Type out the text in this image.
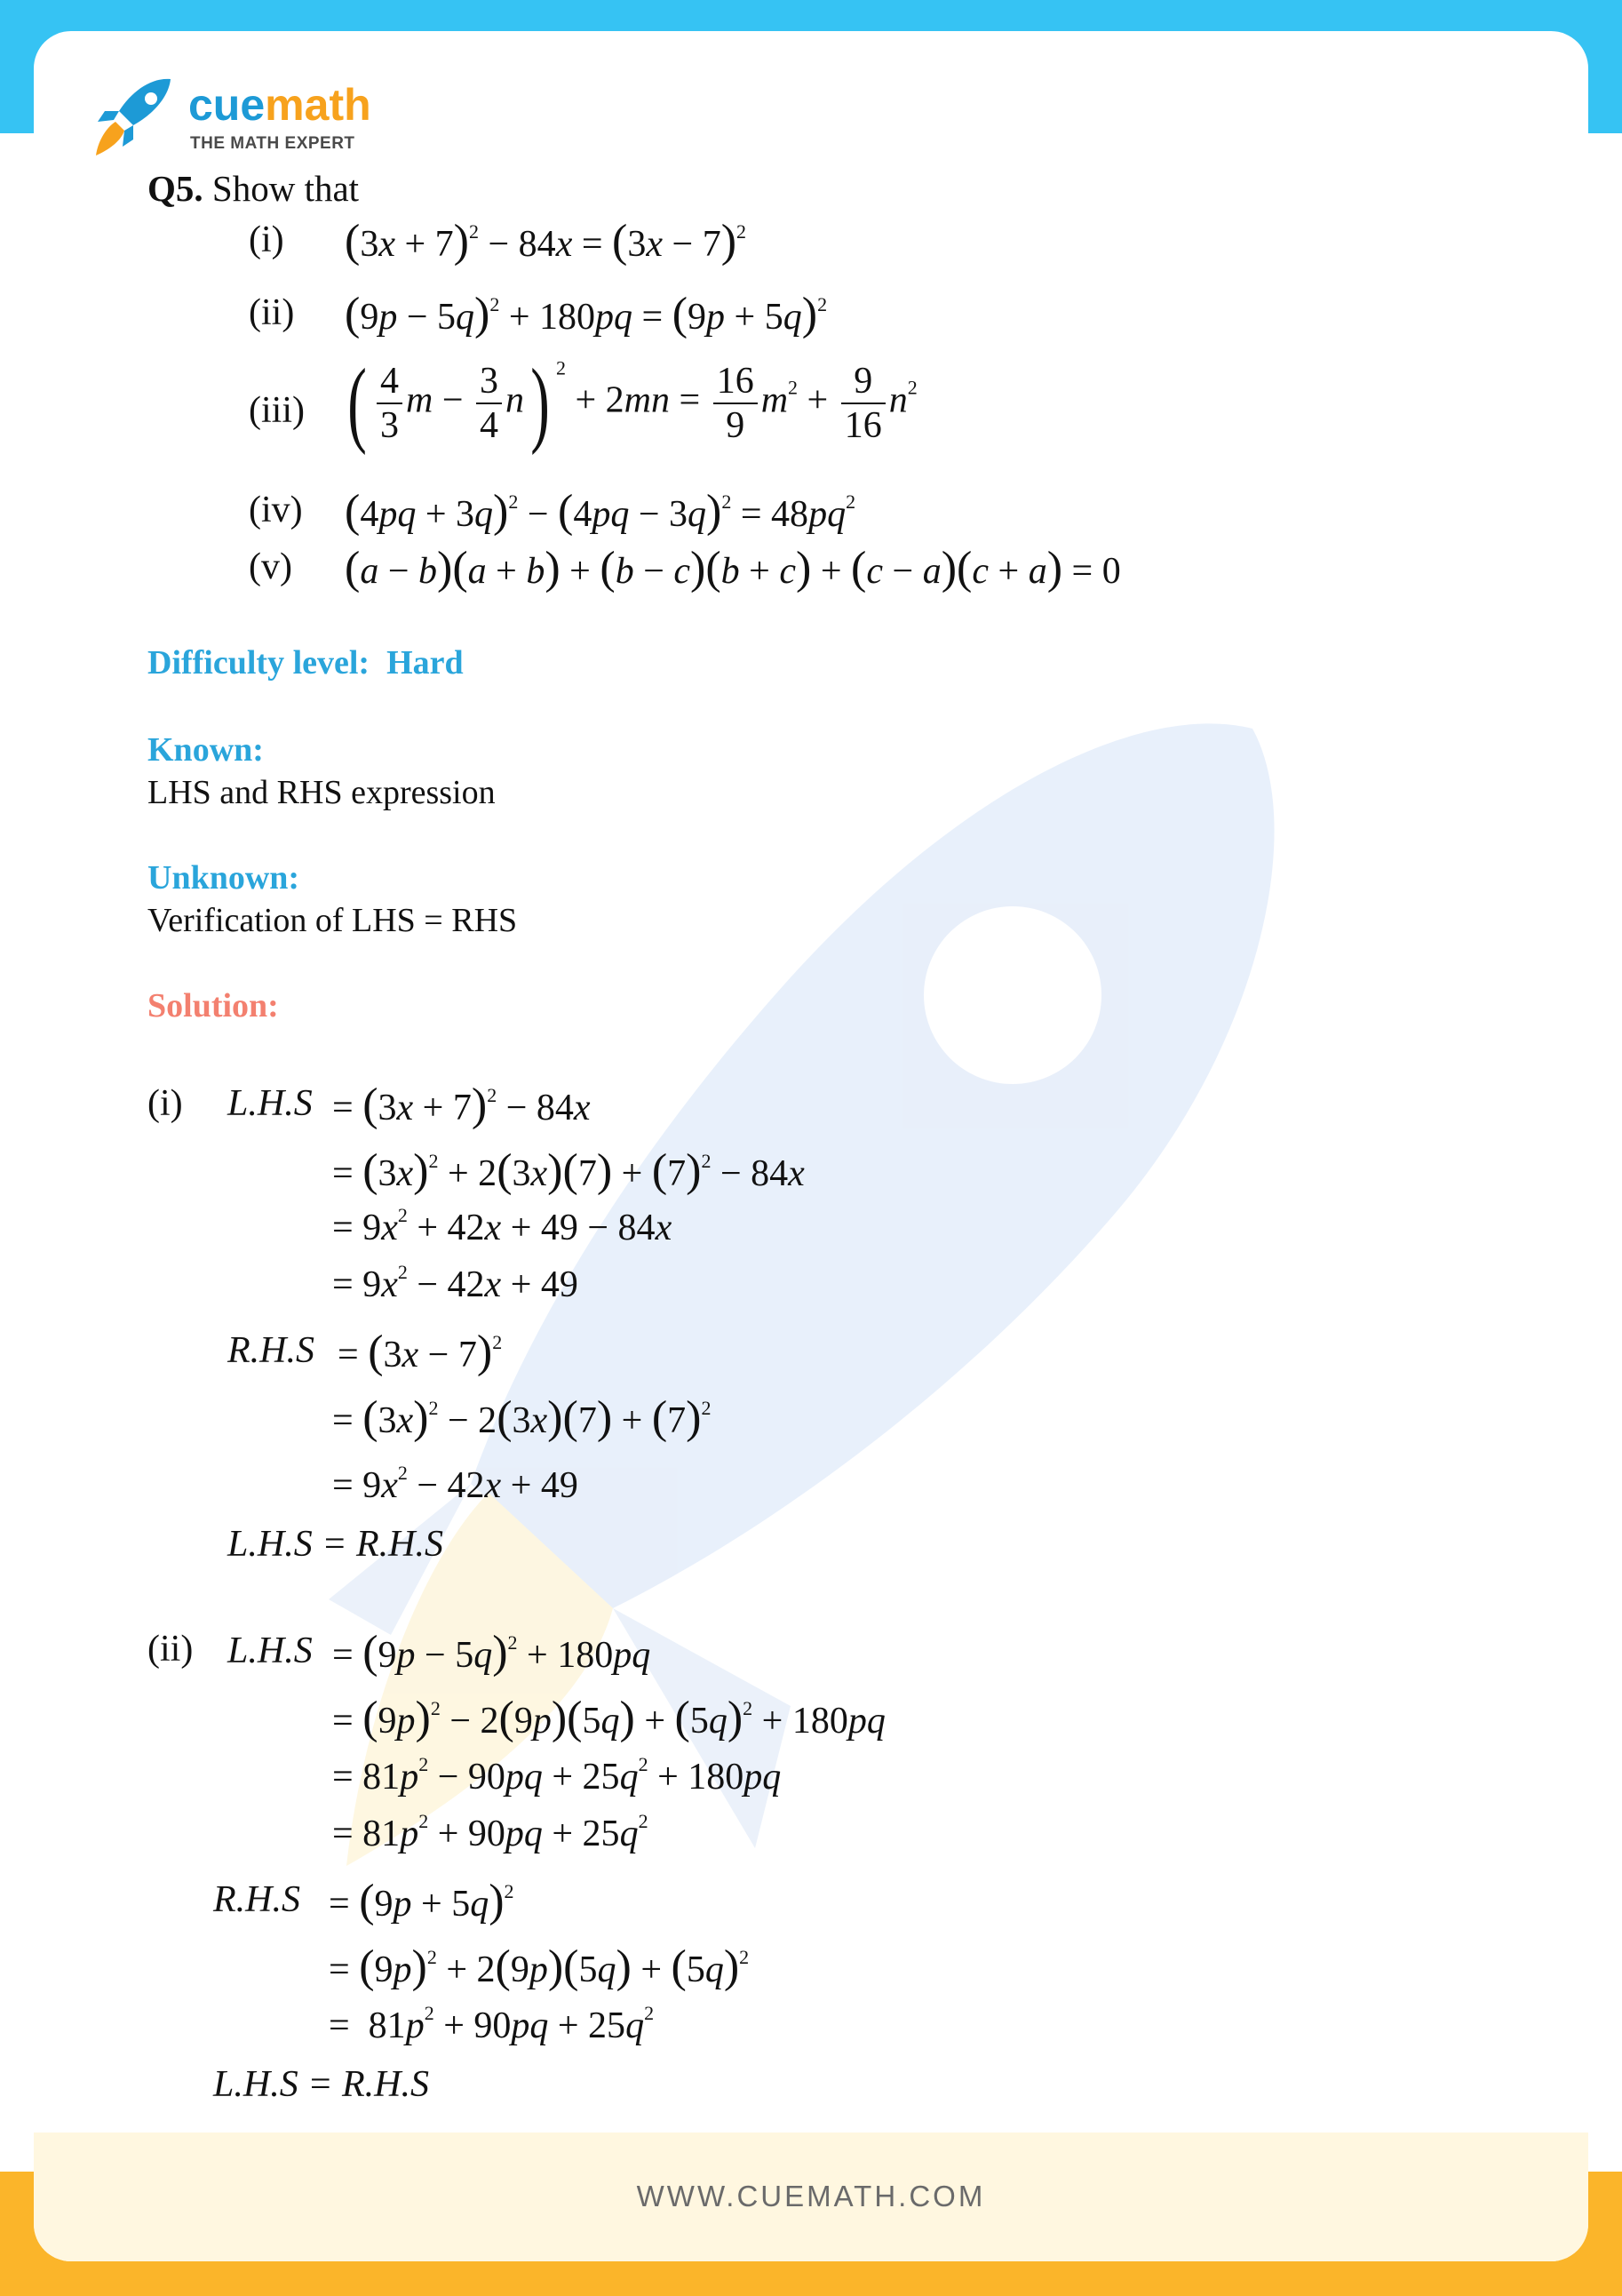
WWW.CUEMATH.COM
cuemath
THE MATH EXPERT
Q5. Show that
(i) $(3x + 7)^2 - 84x = (3x - 7)^2$
(ii) $(9p - 5q)^2 + 180pq = (9p + 5q)^2$
(iii) ( $\frac{4}{3}$ $m - \frac{3}{4} n$) $^2 + 2mn = \frac{16}{9} m^2 + \frac{9}{16} n^2$
(iv) $(4pq + 3q)^2 - (4pq - 3q)^2 = 48pq^2$
(v) (a − b)(a + b) + (b − c)(b + c) + (c − a)(c + a) = 0
Difficulty level: Hard
Known:
LHS and RHS expression
Unknown:
Verification of LHS = RHS
Solution:
(i) $L.H.S = (3x + 7)^2 - 84x$
= $(3x)^2 + 2(3x)(7) + (7)^2 - 84x$
= $9x^2 + 42x + 49 - 84x$
= $9x^2 - 42x + 49$
$R.H.S = (3x - 7)^2$
= $(3x)^2 - 2(3x)(7) + (7)^2$
= $9x^2 - 42x + 49$
L.H.S = R.H.S
(ii) $L.H.S = (9p - 5q)^2 + 180pq$
= $(9p)^2 - 2(9p)(5q) + (5q)^2 + 180pq$
= $81p^2 - 90pq + 25q^2 + 180pq$
= $81p^2 + 90pq + 25q^2$
$R.H.S = (9p + 5q)^2$
= $(9p)^2 + 2(9p)(5q) + (5q)^2$
=  $81p^2 + 90pq + 25q^2$
L.H.S = R.H.S
